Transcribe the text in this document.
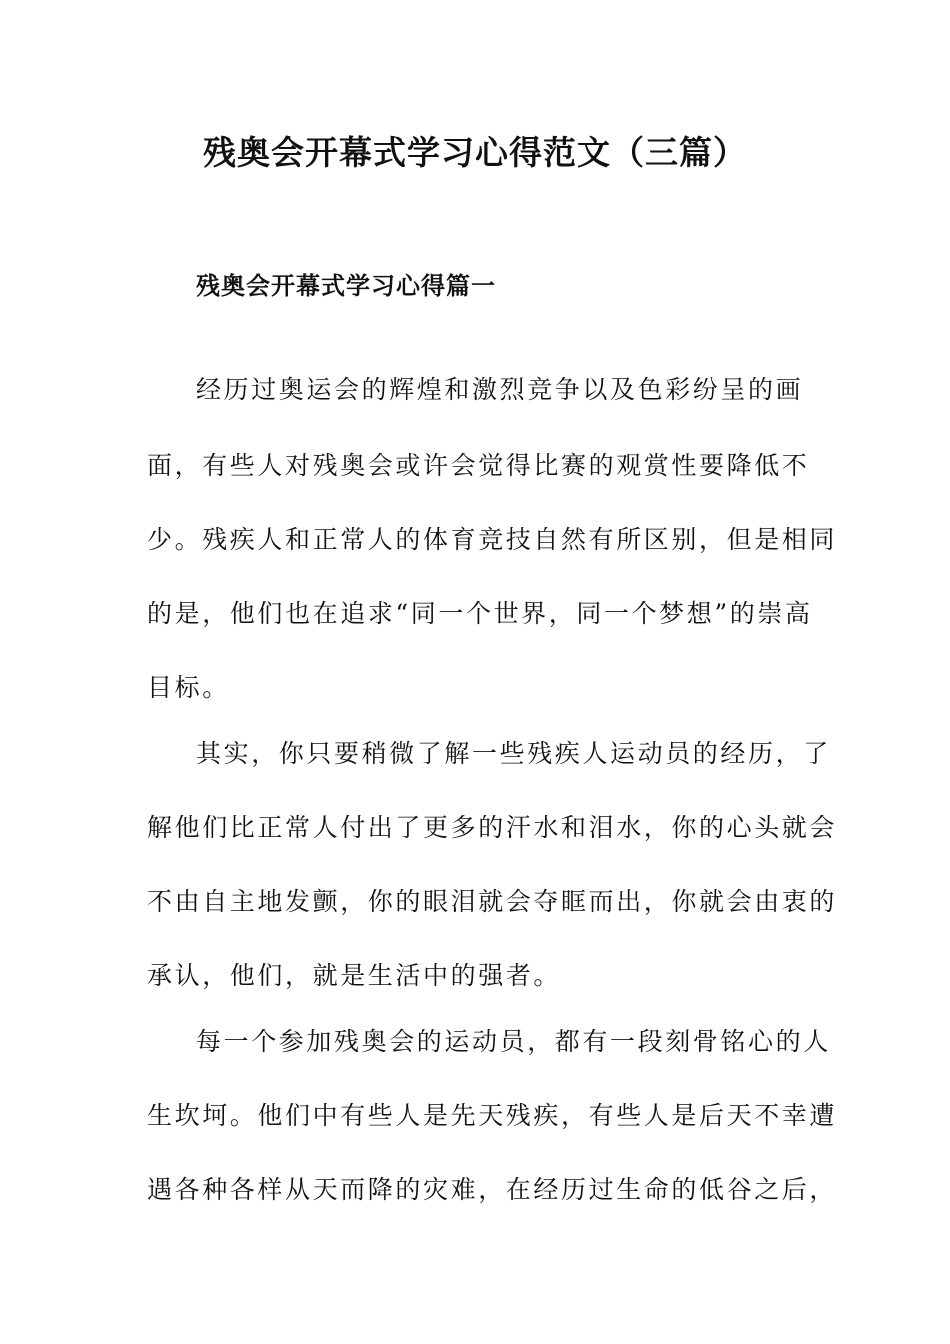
残奥会开幕式学习心得范文（三篇）
残奥会开幕式学习心得篇一
经历过奥运会的辉煌和激烈竞争以及色彩纷呈的画
面，有些人对残奥会或许会觉得比赛的观赏性要降低不
少。残疾人和正常人的体育竞技自然有所区别，但是相同
的是，他们也在追求“同一个世界，同一个梦想”的崇高
目标。
其实，你只要稍微了解一些残疾人运动员的经历，了
解他们比正常人付出了更多的汗水和泪水，你的心头就会
不由自主地发颤，你的眼泪就会夺眶而出，你就会由衷的
承认，他们，就是生活中的强者。
每一个参加残奥会的运动员，都有一段刻骨铭心的人
生坎坷。他们中有些人是先天残疾，有些人是后天不幸遭
遇各种各样从天而降的灾难，在经历过生命的低谷之后，
